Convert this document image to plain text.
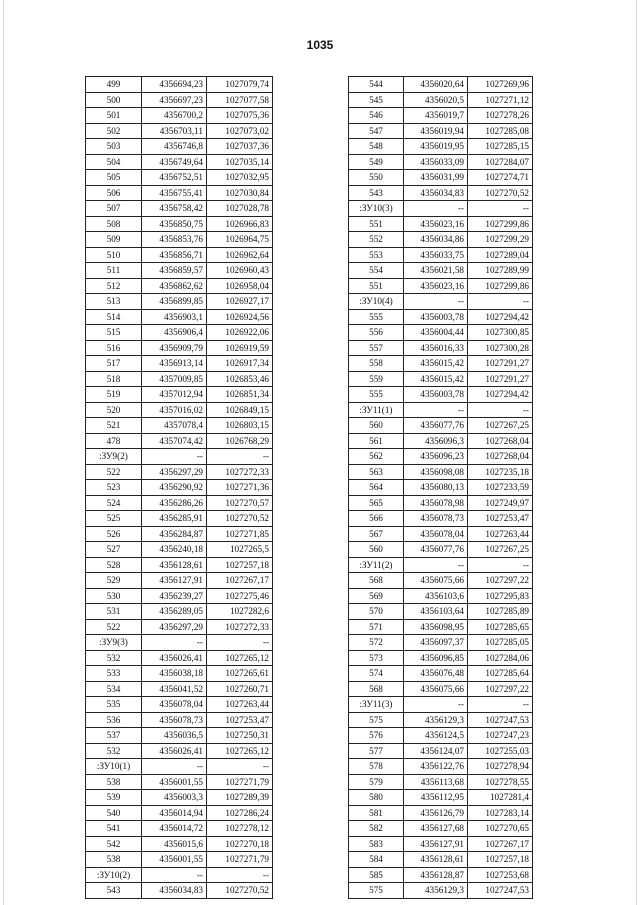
1035
499	4356694,23	1027079,74
500	4356697,23	1027077,58
501	4356700,2	1027075,36
502	4356703,11	1027073,02
503	4356746,8	1027037,36
504	4356749,64	1027035,14
505	4356752,51	1027032,95
506	4356755,41	1027030,84
507	4356758,42	1027028,78
508	4356850,75	1026966,83
509	4356853,76	1026964,75
510	4356856,71	1026962,64
511	4356859,57	1026960,43
512	4356862,62	1026958,04
513	4356899,85	1026927,17
514	4356903,1	1026924,56
515	4356906,4	1026922,06
516	4356909,79	1026919,59
517	4356913,14	1026917,34
518	4357009,85	1026853,46
519	4357012,94	1026851,34
520	4357016,02	1026849,15
521	4357078,4	1026803,15
478	4357074,42	1026768,29
:ЗУ9(2)	--	--
522	4356297,29	1027272,33
523	4356290,92	1027271,36
524	4356286,26	1027270,57
525	4356285,91	1027270,52
526	4356284,87	1027271,85
527	4356240,18	1027265,5
528	4356128,61	1027257,18
529	4356127,91	1027267,17
530	4356239,27	1027275,46
531	4356289,05	1027282,6
522	4356297,29	1027272,33
:ЗУ9(3)	--	--
532	4356026,41	1027265,12
533	4356038,18	1027265,61
534	4356041,52	1027260,71
535	4356078,04	1027263,44
536	4356078,73	1027253,47
537	4356036,5	1027250,31
532	4356026,41	1027265,12
:ЗУ10(1)	--	--
538	4356001,55	1027271,79
539	4356003,3	1027289,39
540	4356014,94	1027286,24
541	4356014,72	1027278,12
542	4356015,6	1027270,18
538	4356001,55	1027271,79
:ЗУ10(2)	--	--
543	4356034,83	1027270,52
544	4356020,64	1027269,96
545	4356020,5	1027271,12
546	4356019,7	1027278,26
547	4356019,94	1027285,08
548	4356019,95	1027285,15
549	4356033,09	1027284,07
550	4356031,99	1027274,71
543	4356034,83	1027270,52
:ЗУ10(3)	--	--
551	4356023,16	1027299,86
552	4356034,86	1027299,29
553	4356033,75	1027289,04
554	4356021,58	1027289,99
551	4356023,16	1027299,86
:ЗУ10(4)	--	--
555	4356003,78	1027294,42
556	4356004,44	1027300,85
557	4356016,33	1027300,28
558	4356015,42	1027291,27
559	4356015,42	1027291,27
555	4356003,78	1027294,42
:ЗУ11(1)	--	--
560	4356077,76	1027267,25
561	4356096,3	1027268,04
562	4356096,23	1027268,04
563	4356098,08	1027235,18
564	4356080,13	1027233,59
565	4356078,98	1027249,97
566	4356078,73	1027253,47
567	4356078,04	1027263,44
560	4356077,76	1027267,25
:ЗУ11(2)	--	--
568	4356075,66	1027297,22
569	4356103,6	1027295,83
570	4356103,64	1027285,89
571	4356098,95	1027285,65
572	4356097,37	1027285,05
573	4356096,85	1027284,06
574	4356076,48	1027285,64
568	4356075,66	1027297,22
:ЗУ11(3)	--	--
575	4356129,3	1027247,53
576	4356124,5	1027247,23
577	4356124,07	1027255,03
578	4356122,76	1027278,94
579	4356113,68	1027278,55
580	4356112,95	1027281,4
581	4356126,79	1027283,14
582	4356127,68	1027270,65
583	4356127,91	1027267,17
584	4356128,61	1027257,18
585	4356128,87	1027253,68
575	4356129,3	1027247,53
